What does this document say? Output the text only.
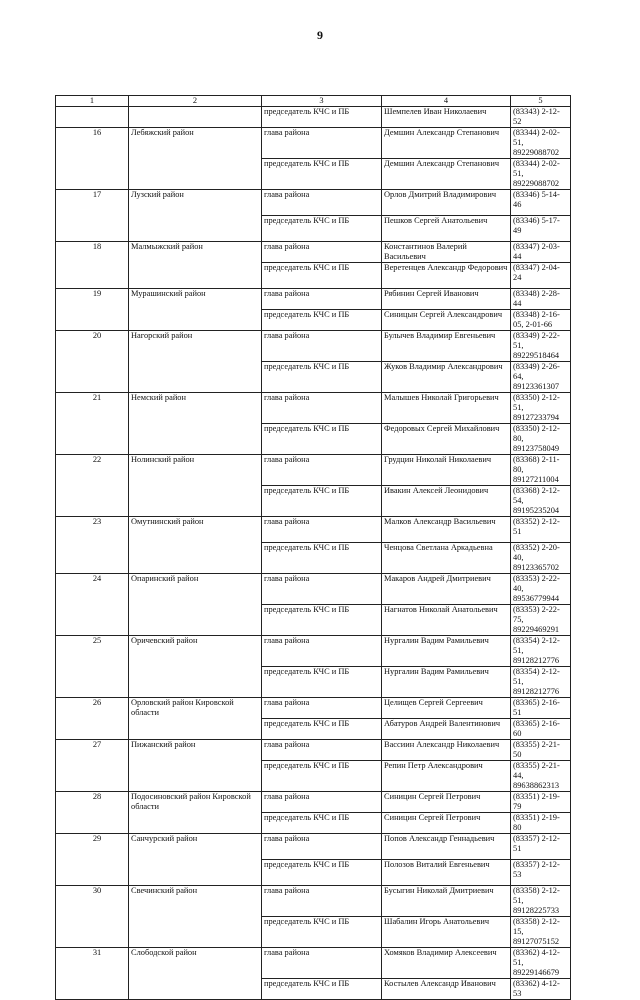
9
1	2	3	4	5
		председатель КЧС и ПБ	Шемпелев Иван Николаевич	(83343) 2-12-52
16	Лебяжский район	глава района	Демшин Александр Степанович	(83344) 2-02-51, 89229088702
		председатель КЧС и ПБ	Демшин Александр Степанович	(83344) 2-02-51, 89229088702
17	Лузский район	глава района	Орлов Дмитрий Владимирович	(83346) 5-14-46
		председатель КЧС и ПБ	Пешков Сергей Анатольевич	(83346) 5-17-49
18	Малмыжский район	глава района	Константинов Валерий Васильевич	(83347) 2-03-44
		председатель КЧС и ПБ	Веретенцев Александр Федорович	(83347) 2-04-24
19	Мурашинский район	глава района	Рябинин Сергей Иванович	(83348) 2-28-44
		председатель КЧС и ПБ	Синицын Сергей Александрович	(83348) 2-16-05, 2-01-66
20	Нагорский район	глава района	Булычев Владимир Евгеньевич	(83349) 2-22-51, 89229518464
		председатель КЧС и ПБ	Жуков Владимир Александрович	(83349) 2-26-64, 89123361307
21	Немский район	глава района	Малышев Николай Григорьевич	(83350) 2-12-51, 89127233794
		председатель КЧС и ПБ	Федоровых Сергей Михайлович	(83350) 2-12-80, 89123758049
22	Нолинский район	глава района	Грудцин Николай Николаевич	(83368) 2-11-80, 89127211004
		председатель КЧС и ПБ	Ивакин Алексей Леонидович	(83368) 2-12-54, 89195235204
23	Омутнинский район	глава района	Малков Александр Васильевич	(83352) 2-12-51
		председатель КЧС и ПБ	Ченцова Светлана Аркадьевна	(83352) 2-20-40, 89123365702
24	Опаринский район	глава района	Макаров Андрей Дмитриевич	(83353) 2-22-40, 89536779944
		председатель КЧС и ПБ	Нагнатов Николай Анатольевич	(83353) 2-22-75, 89229469291
25	Оричевский район	глава района	Нургалин Вадим Рамильевич	(83354) 2-12-51, 89128212776
		председатель КЧС и ПБ	Нургалин Вадим Рамильевич	(83354) 2-12-51, 89128212776
26	Орловский район Кировской области	глава района	Целищев Сергей Сергеевич	(83365) 2-16-51
		председатель КЧС и ПБ	Абатуров Андрей Валентинович	(83365) 2-16-60
27	Пижанский район	глава района	Вассиин Александр Николаевич	(83355) 2-21-50
		председатель КЧС и ПБ	Репин Петр Александрович	(83355) 2-21-44, 89638862313
28	Подосиновский район Кировской области	глава района	Синицин Сергей Петрович	(83351) 2-19-79
		председатель КЧС и ПБ	Синицин Сергей Петрович	(83351) 2-19-80
29	Санчурский район	глава района	Попов Александр Геннадьевич	(83357) 2-12-51
		председатель КЧС и ПБ	Полозов Виталий Евгеньевич	(83357) 2-12-53
30	Свечинский район	глава района	Бусыгин Николай Дмитриевич	(83358) 2-12-51, 89128225733
		председатель КЧС и ПБ	Шабалин Игорь Анатольевич	(83358) 2-12-15, 89127075152
31	Слободской район	глава района	Хомяков Владимир Алексеевич	(83362) 4-12-51, 89229146679
		председатель КЧС и ПБ	Костылев Александр Иванович	(83362) 4-12-53
